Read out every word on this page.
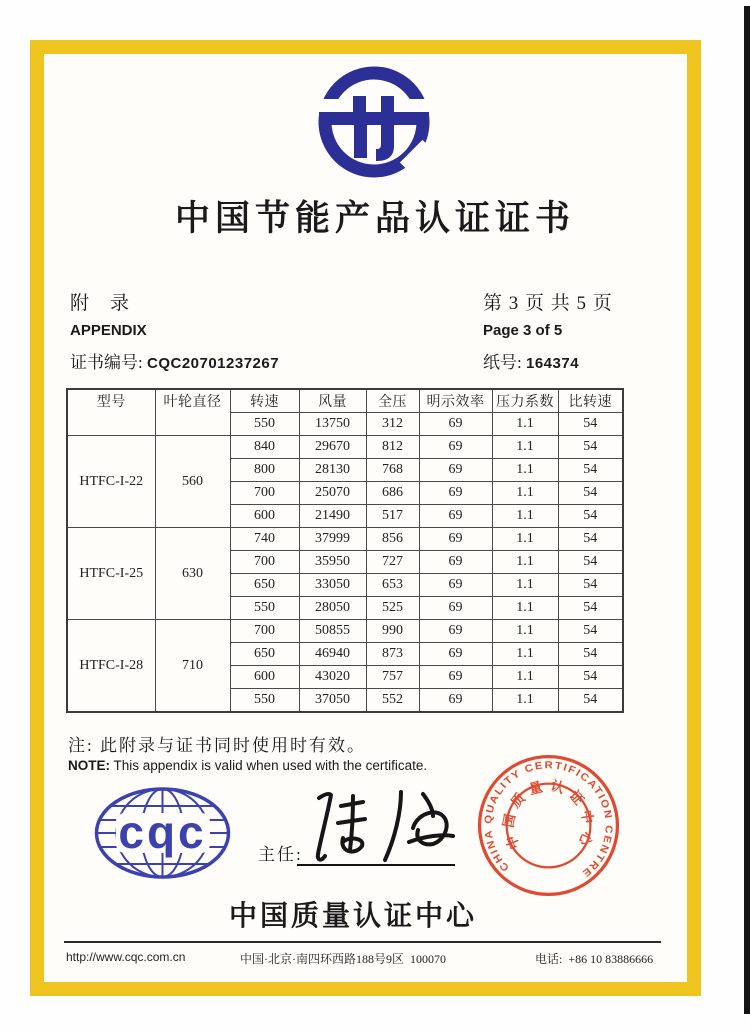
中国节能产品认证证书
附　录
APPENDIX
证书编号: CQC20701237267
第 3 页 共 5 页
Page 3 of 5
纸号: 164374
型号	叶轮直径	转速	风量	全压	明示效率	压力系数	比转速
		550	13750	312	69	1.1	54
HTFC-I-22	560	840	29670	812	69	1.1	54
		800	28130	768	69	1.1	54
		700	25070	686	69	1.1	54
		600	21490	517	69	1.1	54
HTFC-I-25	630	740	37999	856	69	1.1	54
		700	35950	727	69	1.1	54
		650	33050	653	69	1.1	54
		550	28050	525	69	1.1	54
HTFC-I-28	710	700	50855	990	69	1.1	54
		650	46940	873	69	1.1	54
		600	43020	757	69	1.1	54
		550	37050	552	69	1.1	54
注: 此附录与证书同时使用时有效。
NOTE: This appendix is valid when used with the certificate.
cqc	主任:
CHINA QUALITY CERTIFICATION CENTRE
中国质量认证中心
中国质量认证中心
http://www.cqc.com.cn	中国·北京·南四环西路188号9区  100070	电话:  +86 10 83886666
